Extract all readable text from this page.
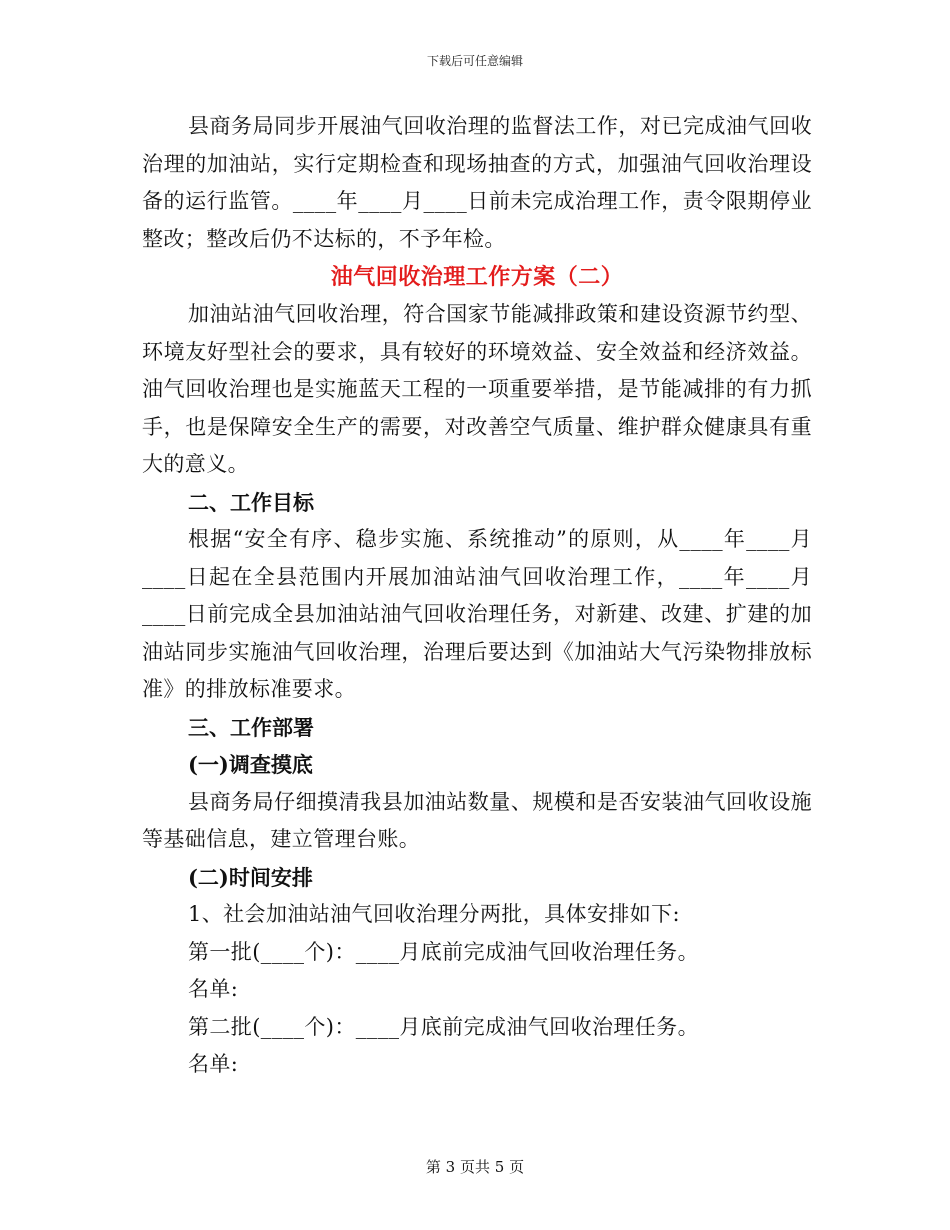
下载后可任意编辑

县商务局同步开展油气回收治理的监督法工作，对已完成油气回收治理的加油站，实行定期检查和现场抽查的方式，加强油气回收治理设备的运行监管。____年____月____日前未完成治理工作，责令限期停业整改；整改后仍不达标的，不予年检。

油气回收治理工作方案（二）

加油站油气回收治理，符合国家节能减排政策和建设资源节约型、环境友好型社会的要求，具有较好的环境效益、安全效益和经济效益。油气回收治理也是实施蓝天工程的一项重要举措，是节能减排的有力抓手，也是保障安全生产的需要，对改善空气质量、维护群众健康具有重大的意义。

二、工作目标

根据“安全有序、稳步实施、系统推动”的原则，从____年____月____日起在全县范围内开展加油站油气回收治理工作，____年____月____日前完成全县加油站油气回收治理任务，对新建、改建、扩建的加油站同步实施油气回收治理，治理后要达到《加油站大气污染物排放标准》的排放标准要求。

三、工作部署

(一)调查摸底

县商务局仔细摸清我县加油站数量、规模和是否安装油气回收设施等基础信息，建立管理台账。

(二)时间安排

1、社会加油站油气回收治理分两批，具体安排如下:

第一批(____个)：____月底前完成油气回收治理任务。

名单:

第二批(____个)：____月底前完成油气回收治理任务。

名单:

第 3 页共 5 页
